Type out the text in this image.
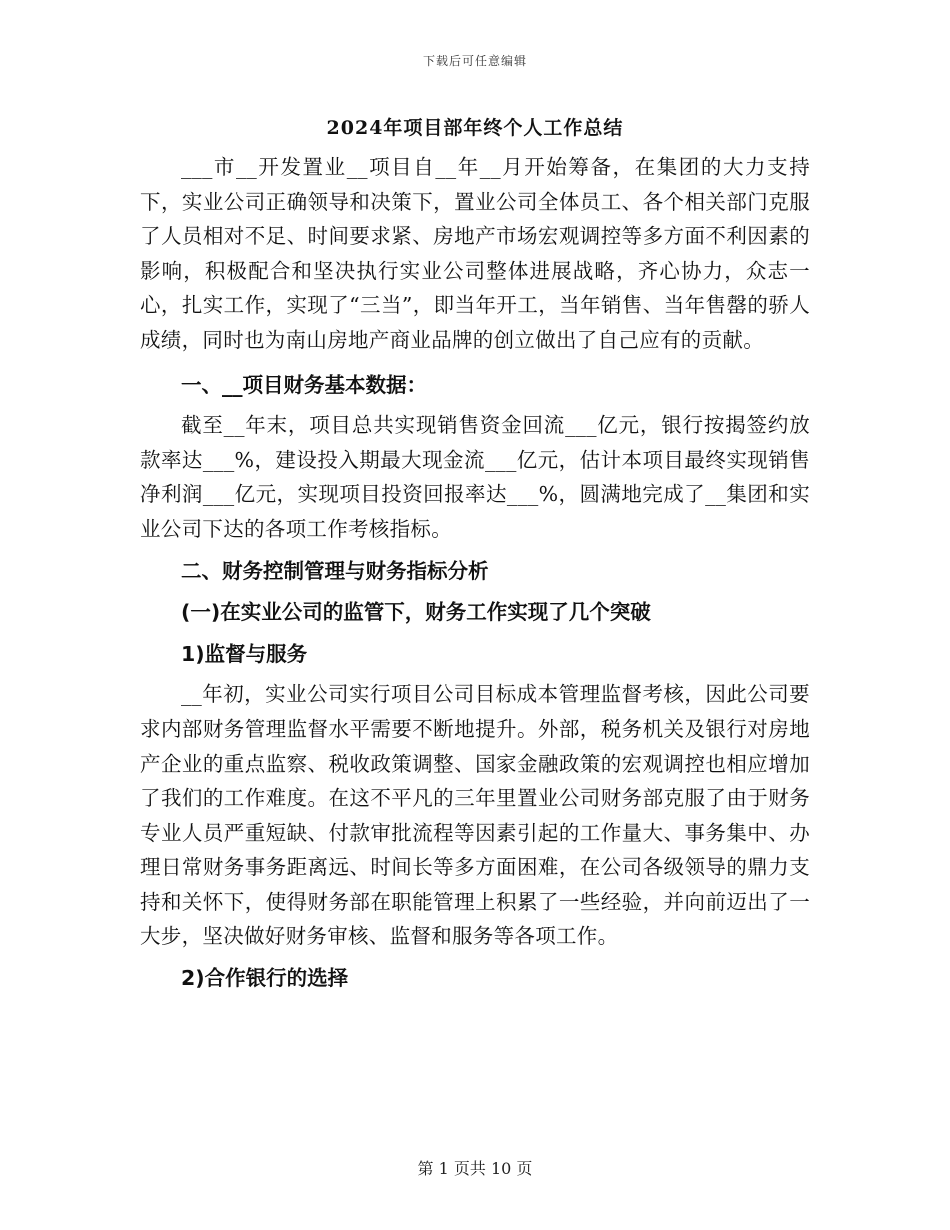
下载后可任意编辑
2024年项目部年终个人工作总结

___市__开发置业__项目自__年__月开始筹备，在集团的大力支持下，实业公司正确领导和决策下，置业公司全体员工、各个相关部门克服了人员相对不足、时间要求紧、房地产市场宏观调控等多方面不利因素的影响，积极配合和坚决执行实业公司整体进展战略，齐心协力，众志一心，扎实工作，实现了“三当”，即当年开工，当年销售、当年售罄的骄人成绩，同时也为南山房地产商业品牌的创立做出了自己应有的贡献。

一、__项目财务基本数据：

截至__年末，项目总共实现销售资金回流___亿元，银行按揭签约放款率达___%，建设投入期最大现金流___亿元，估计本项目最终实现销售净利润___亿元，实现项目投资回报率达___%，圆满地完成了__集团和实业公司下达的各项工作考核指标。

二、财务控制管理与财务指标分析

(一)在实业公司的监管下，财务工作实现了几个突破

1)监督与服务

__年初，实业公司实行项目公司目标成本管理监督考核，因此公司要求内部财务管理监督水平需要不断地提升。外部，税务机关及银行对房地产企业的重点监察、税收政策调整、国家金融政策的宏观调控也相应增加了我们的工作难度。在这不平凡的三年里置业公司财务部克服了由于财务专业人员严重短缺、付款审批流程等因素引起的工作量大、事务集中、办理日常财务事务距离远、时间长等多方面困难，在公司各级领导的鼎力支持和关怀下，使得财务部在职能管理上积累了一些经验，并向前迈出了一大步，坚决做好财务审核、监督和服务等各项工作。

2)合作银行的选择

第 1 页共 10 页
